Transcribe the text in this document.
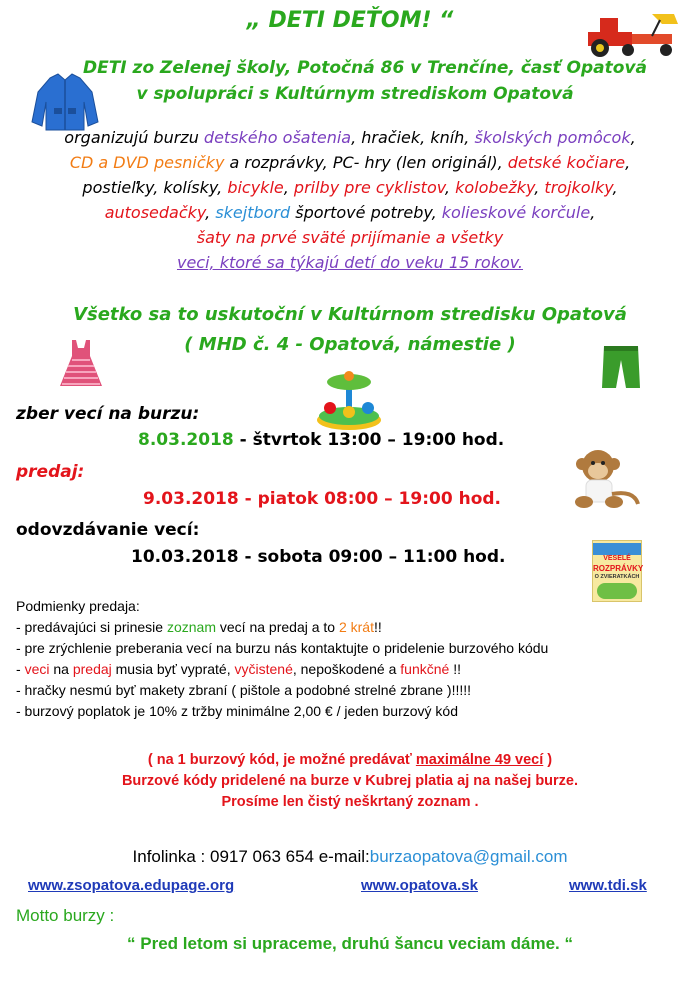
„ DETI DEŤOM! “
DETI zo Zelenej školy, Potočná 86 v Trenčíne, časť Opatová
v spolupráci s Kultúrnym strediskom Opatová
organizujú burzu detského ošatenia, hračiek, kníh, školských pomôcok,
CD a DVD pesničky a rozprávky, PC- hry (len originál), detské kočiare,
postieľky, kolísky, bicykle, prilby pre cyklistov, kolobežky, trojkolky,
autosedačky, skejtbord športové potreby, kolieskové korčule,
šaty na prvé sväté prijímanie a všetky
veci, ktoré sa týkajú detí do veku 15 rokov.
Všetko sa to uskutoční v Kultúrnom stredisku Opatová
( MHD č. 4 - Opatová, námestie )
zber vecí na burzu:
8.03.2018 - štvrtok 13:00 – 19:00 hod.
predaj:
9.03.2018 - piatok 08:00 – 19:00 hod.
odovzdávanie vecí:
10.03.2018 - sobota 09:00 – 11:00 hod.	VESELÉ
ROZPRÁVKY
O ZVIERATKÁCH
Podmienky predaja:
- predávajúci si prinesie zoznam vecí na predaj a to 2 krát!!
- pre zrýchlenie preberania vecí na burzu nás kontaktujte o pridelenie burzového kódu
- veci na predaj musia byť vypraté, vyčistené, nepoškodené a funkčné !!
- hračky nesmú byť makety zbraní ( pištole a podobné strelné zbrane )!!!!!
- burzový poplatok je 10% z tržby minimálne 2,00 € / jeden burzový kód
( na 1 burzový kód, je možné predávať maximálne 49 vecí )
Burzové kódy pridelené na burze v Kubrej platia aj na našej burze.
Prosíme len čistý neškrtaný zoznam .
Infolinka : 0917 063 654 e-mail:burzaopatova@gmail.com
www.zsopatova.edupage.org	www.opatova.sk	www.tdi.sk
Motto burzy :
“ Pred letom si upraceme, druhú šancu veciam dáme. “
